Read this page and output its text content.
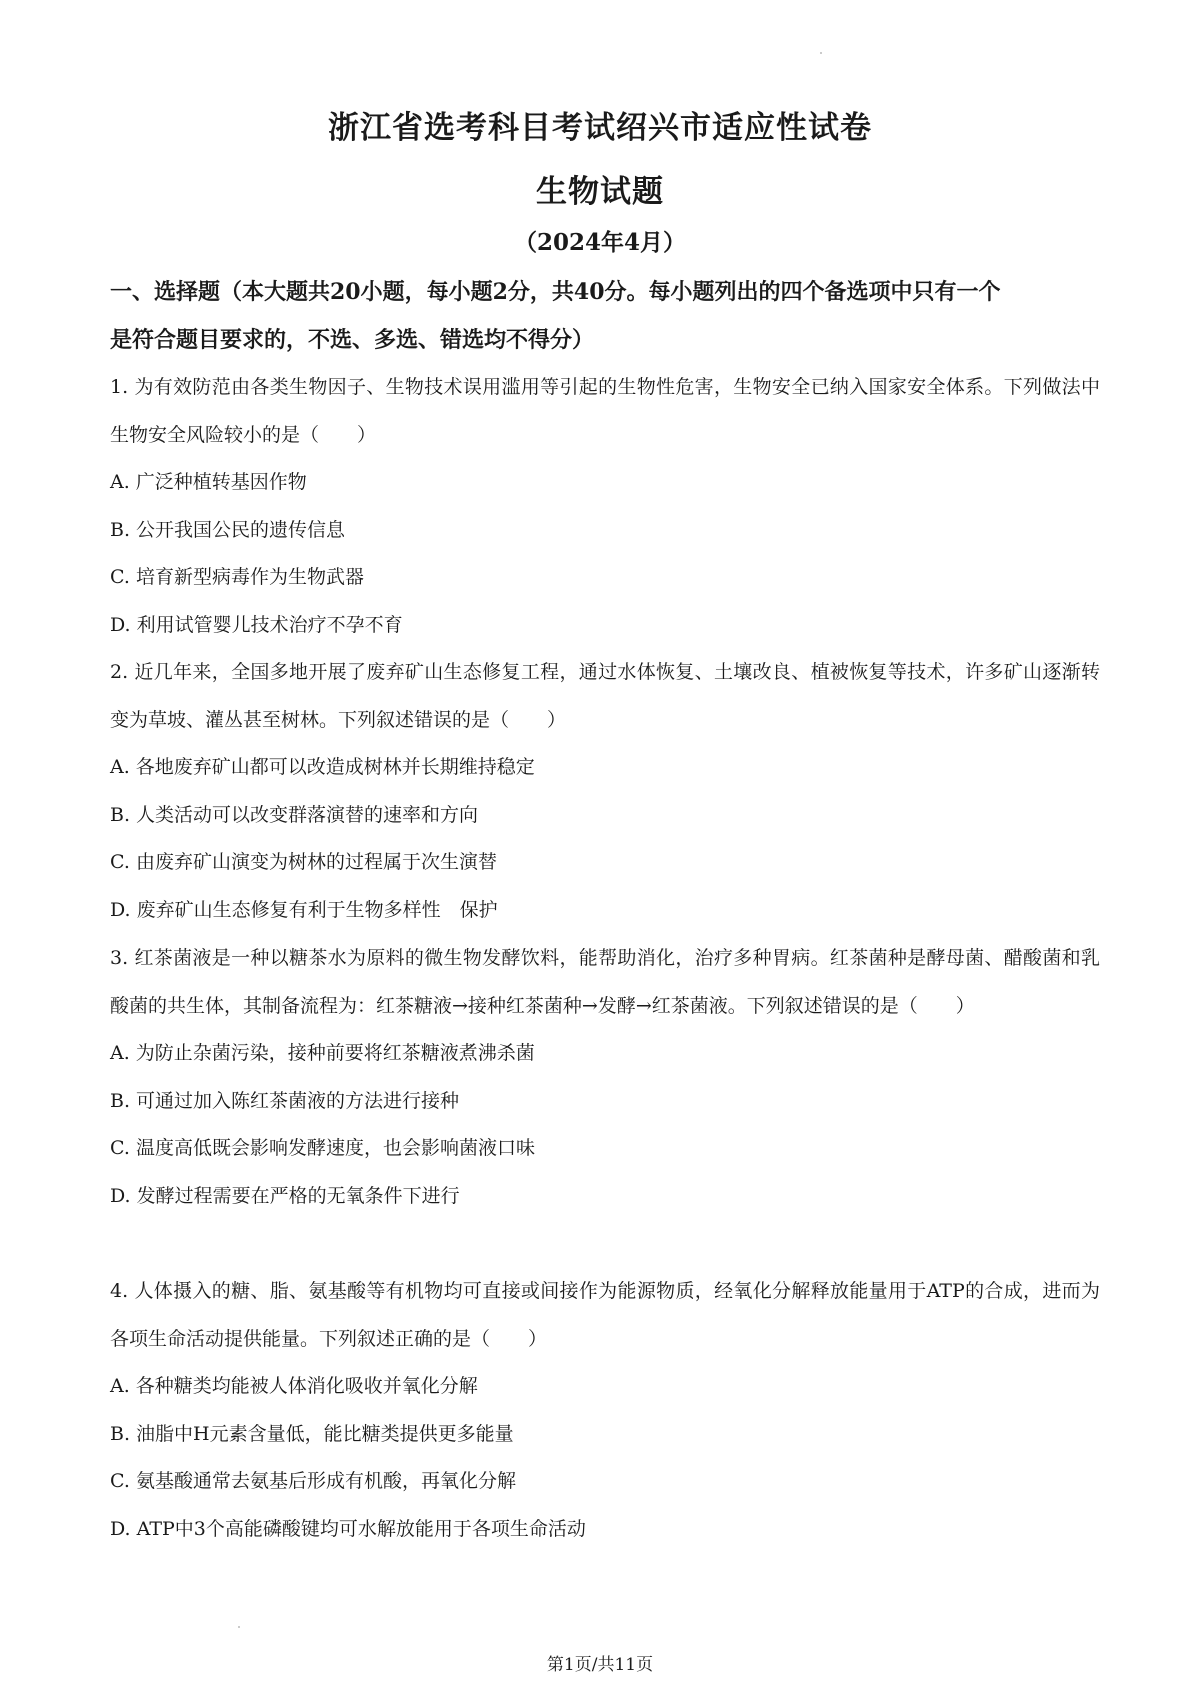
浙江省选考科目考试绍兴市适应性试卷
生物试题
（2024年4月）
一、选择题（本大题共20小题，每小题2分，共40分。每小题列出的四个备选项中只有一个
是符合题目要求的，不选、多选、错选均不得分）
1. 为有效防范由各类生物因子、生物技术误用滥用等引起的生物性危害，生物安全已纳入国家安全体系。下列做法中生物安全风险较小的是（　　）
A. 广泛种植转基因作物
B. 公开我国公民的遗传信息
C. 培育新型病毒作为生物武器
D. 利用试管婴儿技术治疗不孕不育
2. 近几年来，全国多地开展了废弃矿山生态修复工程，通过水体恢复、土壤改良、植被恢复等技术，许多矿山逐渐转变为草坡、灌丛甚至树林。下列叙述错误的是（　　）
A. 各地废弃矿山都可以改造成树林并长期维持稳定
B. 人类活动可以改变群落演替的速率和方向
C. 由废弃矿山演变为树林的过程属于次生演替
D. 废弃矿山生态修复有利于生物多样性　保护
3. 红茶菌液是一种以糖茶水为原料的微生物发酵饮料，能帮助消化，治疗多种胃病。红茶菌种是酵母菌、醋酸菌和乳酸菌的共生体，其制备流程为：红茶糖液→接种红茶菌种→发酵→红茶菌液。下列叙述错误的是（　　）
A. 为防止杂菌污染，接种前要将红茶糖液煮沸杀菌
B. 可通过加入陈红茶菌液的方法进行接种
C. 温度高低既会影响发酵速度，也会影响菌液口味
D. 发酵过程需要在严格的无氧条件下进行
4. 人体摄入的糖、脂、氨基酸等有机物均可直接或间接作为能源物质，经氧化分解释放能量用于ATP的合成，进而为各项生命活动提供能量。下列叙述正确的是（　　）
A. 各种糖类均能被人体消化吸收并氧化分解
B. 油脂中H元素含量低，能比糖类提供更多能量
C. 氨基酸通常去氨基后形成有机酸，再氧化分解
D. ATP中3个高能磷酸键均可水解放能用于各项生命活动
第1页/共11页
